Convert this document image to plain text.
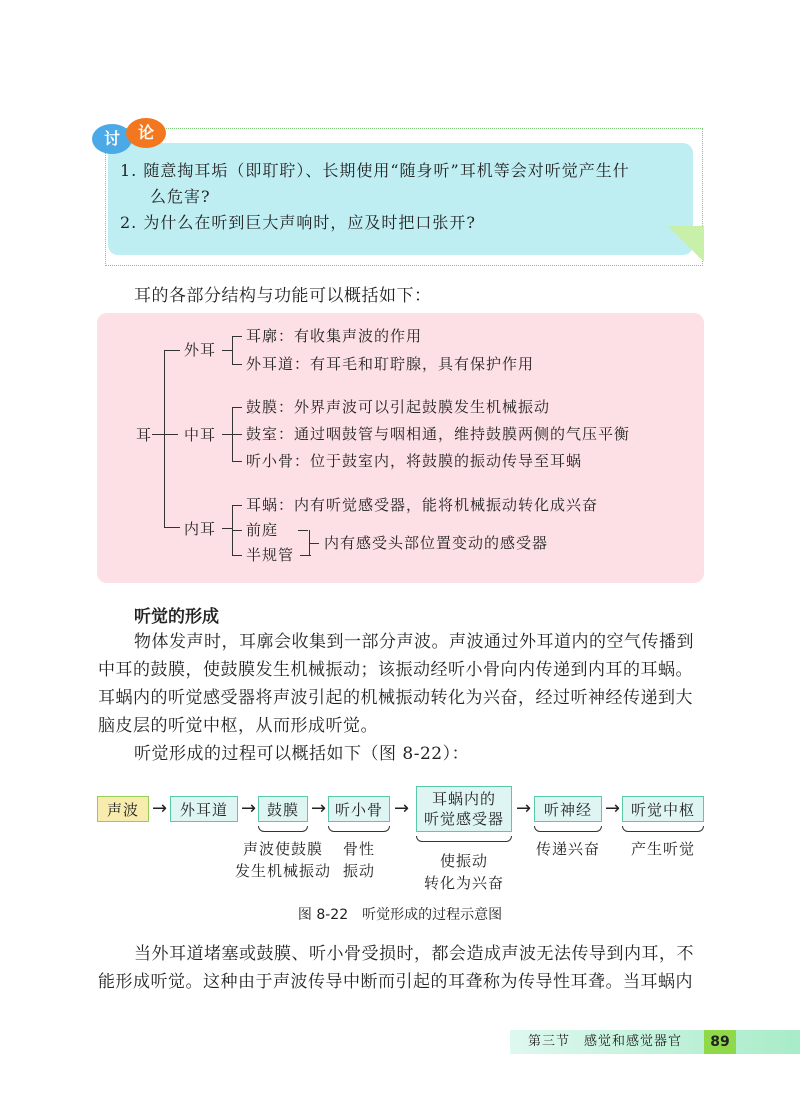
讨	论
1. 随意掏耳垢（即耵聍）、长期使用“随身听”耳机等会对听觉产生什
么危害?
2. 为什么在听到巨大声响时，应及时把口张开?
耳的各部分结构与功能可以概括如下：
耳
外耳
耳廓：有收集声波的作用
外耳道：有耳毛和耵聍腺，具有保护作用
中耳
鼓膜：外界声波可以引起鼓膜发生机械振动
鼓室：通过咽鼓管与咽相通，维持鼓膜两侧的气压平衡
听小骨：位于鼓室内，将鼓膜的振动传导至耳蜗
内耳
耳蜗：内有听觉感受器，能将机械振动转化成兴奋
前庭
半规管
内有感受头部位置变动的感受器
听觉的形成
物体发声时，耳廓会收集到一部分声波。声波通过外耳道内的空气传播到
中耳的鼓膜，使鼓膜发生机械振动；该振动经听小骨向内传递到内耳的耳蜗。
耳蜗内的听觉感受器将声波引起的机械振动转化为兴奋，经过听神经传递到大
脑皮层的听觉中枢，从而形成听觉。
听觉形成的过程可以概括如下（图 8-22）：
声波 → 外耳道 → 鼓膜 → 听小骨 →	耳蜗内的
听觉感受器 → 听神经 → 听觉中枢
声波使鼓膜
发生机械振动
骨性
振动
使振动
转化为兴奋
传递兴奋	产生听觉
图 8-22　听觉形成的过程示意图
当外耳道堵塞或鼓膜、听小骨受损时，都会造成声波无法传导到内耳，不
能形成听觉。这种由于声波传导中断而引起的耳聋称为传导性耳聋。当耳蜗内
第三节　感觉和感觉器官	89
